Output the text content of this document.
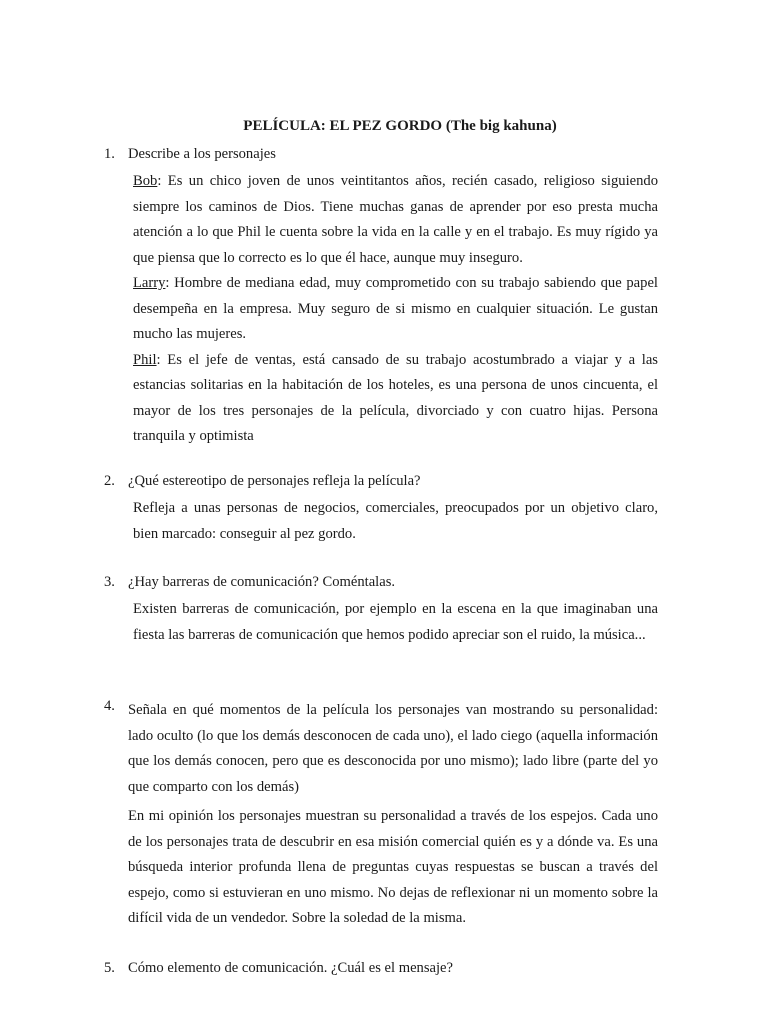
PELÍCULA: EL PEZ GORDO (The big kahuna)
1. Describe a los personajes

Bob: Es un chico joven de unos veintitantos años, recién casado, religioso siguiendo siempre los caminos de Dios. Tiene muchas ganas de aprender por eso presta mucha atención a lo que Phil le cuenta sobre la vida en la calle y en el trabajo. Es muy rígido ya que piensa que lo correcto es lo que él hace, aunque muy inseguro.

Larry: Hombre de mediana edad, muy comprometido con su trabajo sabiendo que papel desempeña en la empresa. Muy seguro de si mismo en cualquier situación. Le gustan mucho las mujeres.

Phil: Es el jefe de ventas, está cansado de su trabajo acostumbrado a viajar y a las estancias solitarias en la habitación de los hoteles, es una persona de unos cincuenta, el mayor de los tres personajes de la película, divorciado y con cuatro hijas. Persona tranquila y optimista

2. ¿Qué estereotipo de personajes refleja la película?

Refleja a unas personas de negocios, comerciales, preocupados por un objetivo claro, bien marcado: conseguir al pez gordo.

3. ¿Hay barreras de comunicación? Coméntalas.

Existen barreras de comunicación, por ejemplo en la escena en la que imaginaban una fiesta las barreras de comunicación que hemos podido apreciar son el ruido, la música...

4. Señala en qué momentos de la película los personajes van mostrando su personalidad: lado oculto (lo que los demás desconocen de cada uno), el lado ciego (aquella información que los demás conocen, pero que es desconocida por uno mismo); lado libre (parte del yo que comparto con los demás)

En mi opinión los personajes muestran su personalidad a través de los espejos. Cada uno de los personajes trata de descubrir en esa misión comercial quién es y a dónde va. Es una búsqueda interior profunda llena de preguntas cuyas respuestas se buscan a través del espejo, como si estuvieran en uno mismo. No dejas de reflexionar ni un momento sobre la difícil vida de un vendedor. Sobre la soledad de la misma.

5. Cómo elemento de comunicación. ¿Cuál es el mensaje?
